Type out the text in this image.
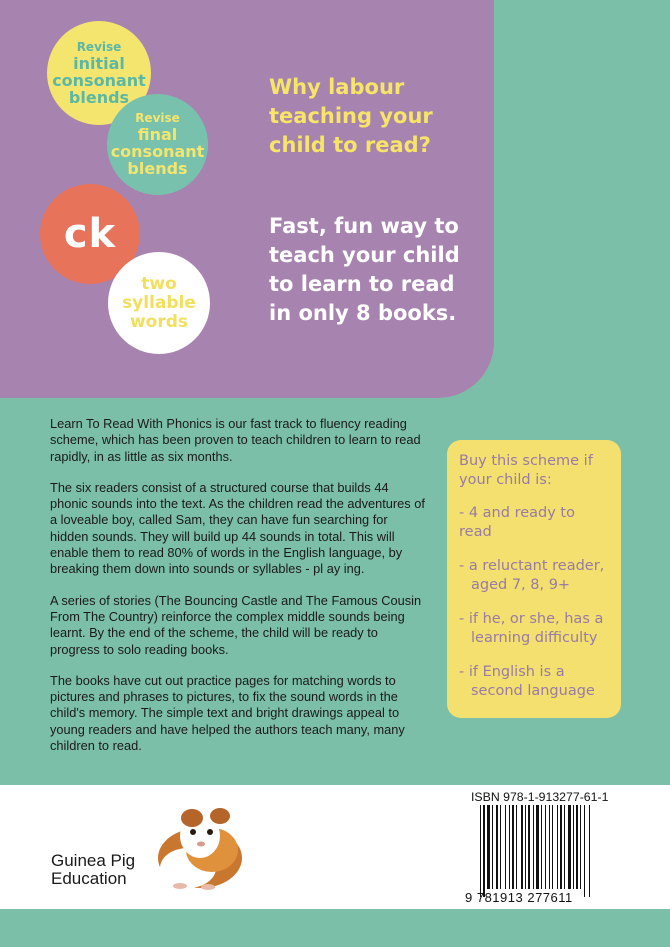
Revise
initial
consonant
blends
Revise
final
consonant
blends
ck
two
syllable
words
Why labour
teaching your
child to read?
Fast, fun way to
teach your child
to learn to read
in only 8 books.

Learn To Read With Phonics is our fast track to fluency reading scheme, which has been proven to teach children to learn to read rapidly, in as little as six months.

The six readers consist of a structured course that builds 44 phonic sounds into the text. As the children read the adventures of a loveable boy, called Sam, they can have fun searching for hidden sounds. They will build up 44 sounds in total. This will enable them to read 80% of words in the English language, by breaking them down into sounds or syllables - pl ay ing.

A series of stories (The Bouncing Castle and The Famous Cousin From The Country) reinforce the complex middle sounds being learnt. By the end of the scheme, the child will be ready to progress to solo reading books.

The books have cut out practice pages for matching words to pictures and phrases to pictures, to fix the sound words in the child's memory. The simple text and bright drawings appeal to young readers and have helped the authors teach many, many children to read.

Buy this scheme if
your child is:
- 4 and ready to read
- a reluctant reader,
aged 7, 8, 9+
- if he, or she, has a
learning difficulty
- if English is a
second language
Guinea Pig
Education
ISBN 978-1-913277-61-1
9 781913 277611
